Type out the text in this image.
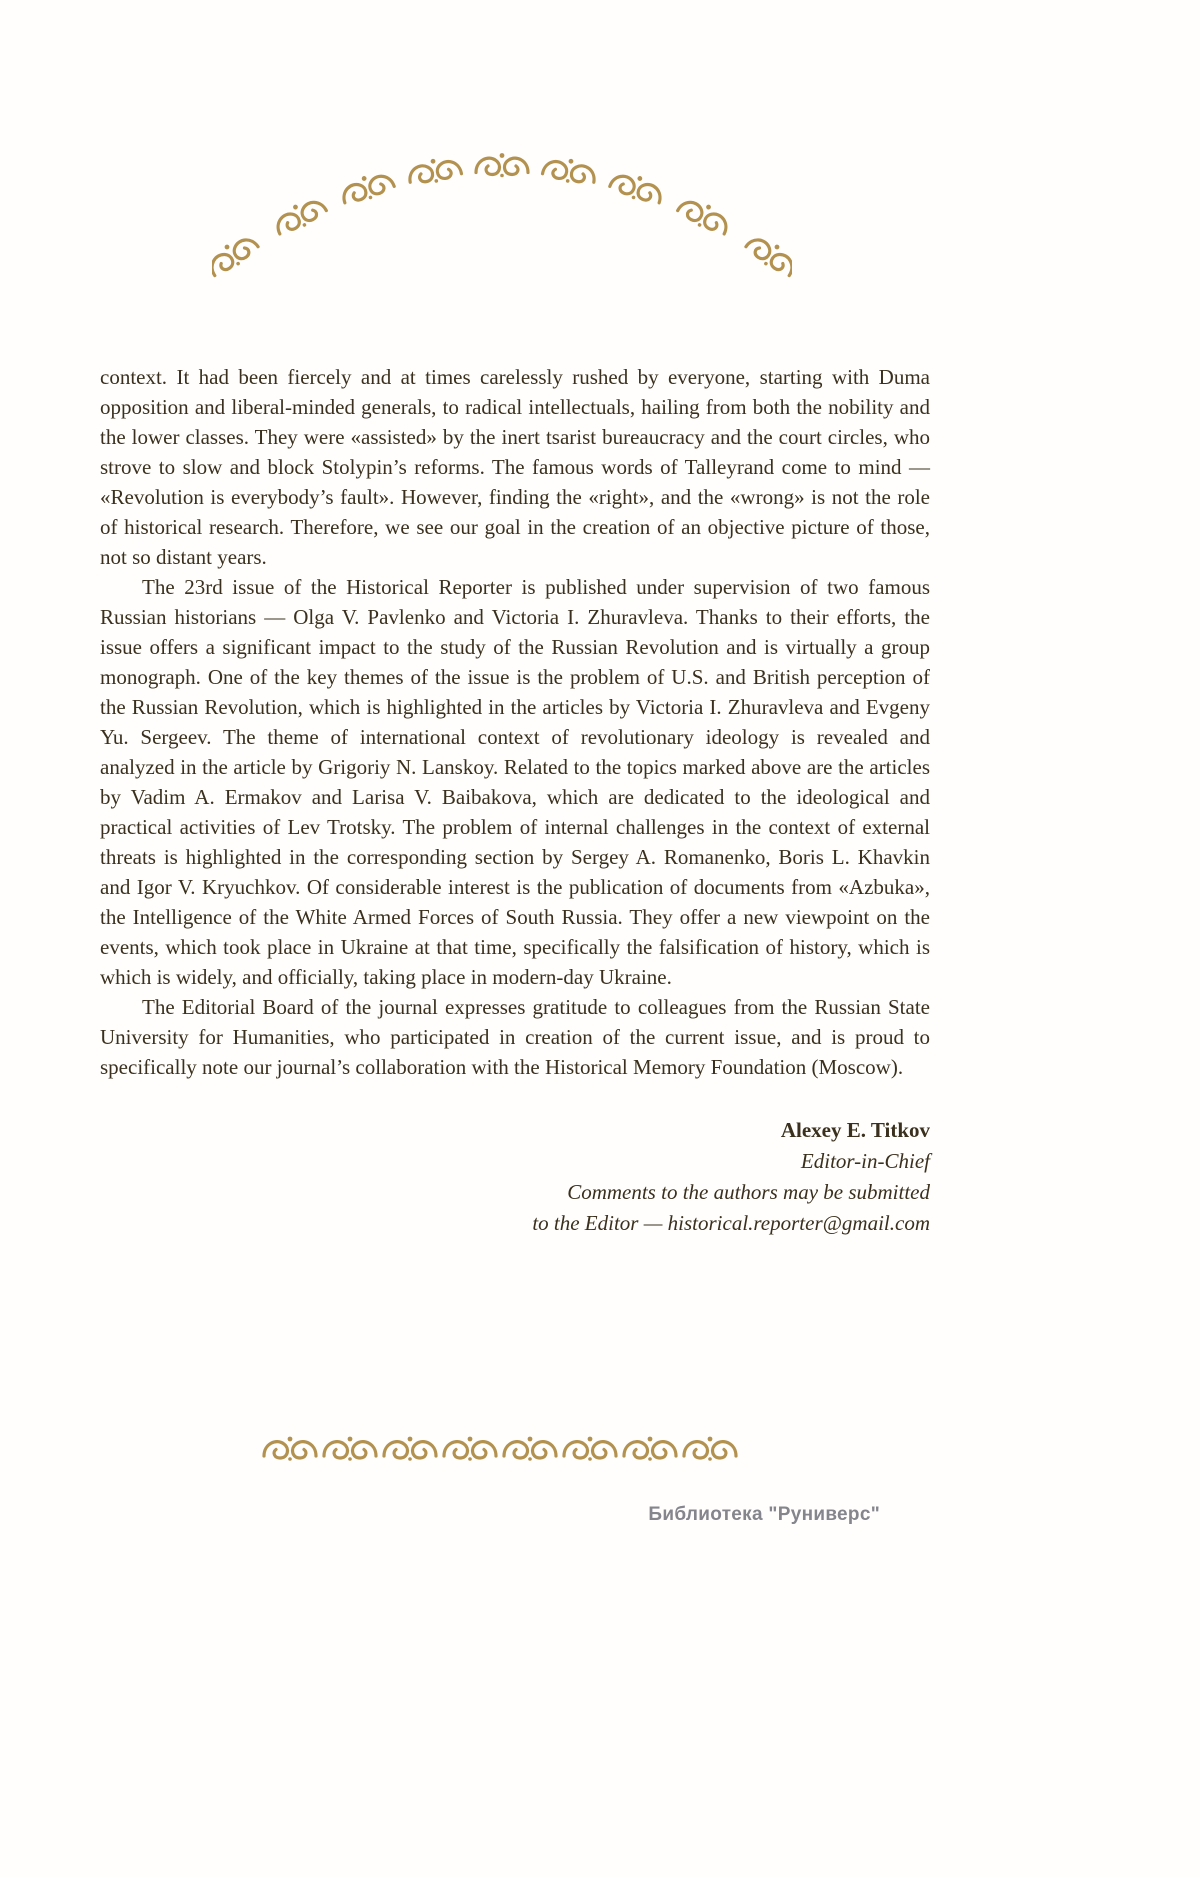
context. It had been fiercely and at times carelessly rushed by everyone, starting with Duma opposition and liberal-minded generals, to radical intellectuals, hailing from both the nobility and the lower classes. They were «assisted» by the inert tsarist bureaucracy and the court circles, who strove to slow and block Stolypin’s reforms. The famous words of Talleyrand come to mind — «Revolution is everybody’s fault». However, finding the «right», and the «wrong» is not the role of historical research. Therefore, we see our goal in the creation of an objective picture of those, not so distant years.

The 23rd issue of the Historical Reporter is published under supervision of two famous Russian historians — Olga V. Pavlenko and Victoria I. Zhuravleva. Thanks to their efforts, the issue offers a significant impact to the study of the Russian Revolution and is virtually a group monograph. One of the key themes of the issue is the problem of U.S. and British perception of the Russian Revolution, which is highlighted in the articles by Victoria I. Zhuravleva and Evgeny Yu. Sergeev. The theme of international context of revolutionary ideology is revealed and analyzed in the article by Grigoriy N. Lanskoy. Related to the topics marked above are the articles by Vadim A. Ermakov and Larisa V. Baibakova, which are dedicated to the ideological and practical activities of Lev Trotsky. The problem of internal challenges in the context of external threats is highlighted in the corresponding section by Sergey A. Romanenko, Boris L. Khavkin and Igor V. Kryuchkov. Of considerable interest is the publication of documents from «Azbuka», the Intelligence of the White Armed Forces of South Russia. They offer a new viewpoint on the events, which took place in Ukraine at that time, specifically the falsification of history, which is which is widely, and officially, taking place in modern-day Ukraine.

The Editorial Board of the journal expresses gratitude to colleagues from the Russian State University for Humanities, who participated in creation of the current issue, and is proud to specifically note our journal’s collaboration with the Historical Memory Foundation (Moscow).

Alexey E. Titkov
Editor-in-Chief
Comments to the authors may be submitted
to the Editor — historical.reporter@gmail.com
Библиотека "Руниверс"
